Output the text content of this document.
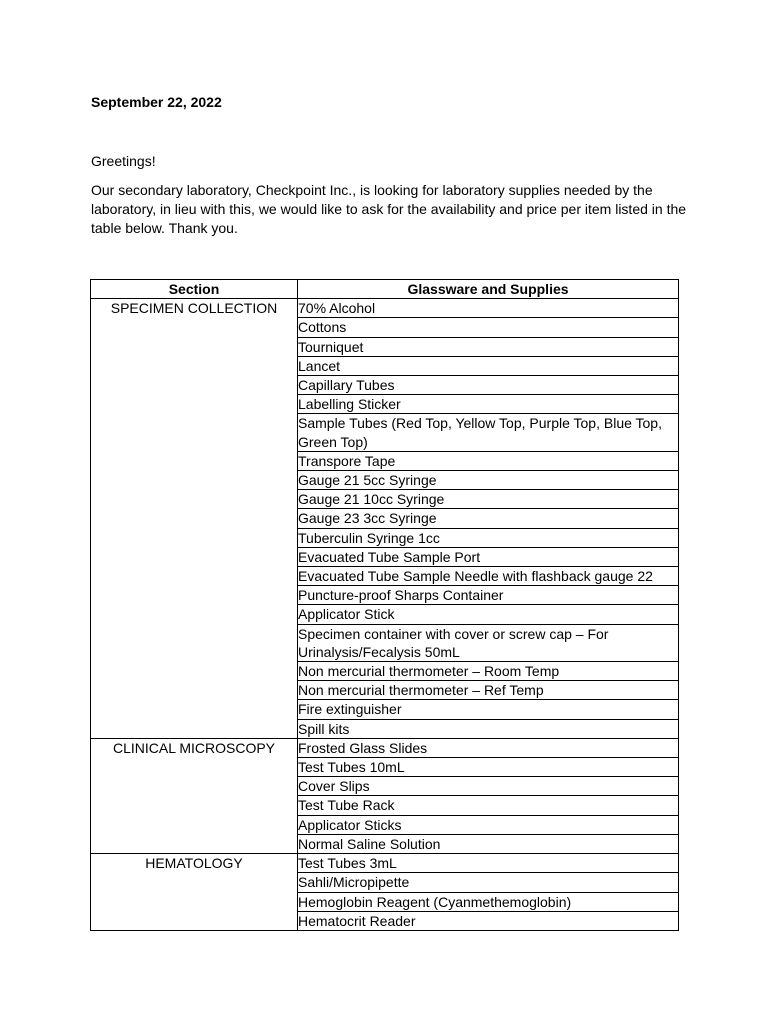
September 22, 2022
Greetings!
Our secondary laboratory, Checkpoint Inc., is looking for laboratory supplies needed by the laboratory, in lieu with this, we would like to ask for the availability and price per item listed in the table below. Thank you.
Section	Glassware and Supplies
SPECIMEN COLLECTION	70% Alcohol
	Cottons
	Tourniquet
	Lancet
	Capillary Tubes
	Labelling Sticker
	Sample Tubes (Red Top, Yellow Top, Purple Top, Blue Top, Green Top)
	Transpore Tape
	Gauge 21 5cc Syringe
	Gauge 21 10cc Syringe
	Gauge 23 3cc Syringe
	Tuberculin Syringe 1cc
	Evacuated Tube Sample Port
	Evacuated Tube Sample Needle with flashback gauge 22
	Puncture-proof Sharps Container
	Applicator Stick
	Specimen container with cover or screw cap – For Urinalysis/Fecalysis 50mL
	Non mercurial thermometer – Room Temp
	Non mercurial thermometer – Ref Temp
	Fire extinguisher
	Spill kits
CLINICAL MICROSCOPY	Frosted Glass Slides
	Test Tubes 10mL
	Cover Slips
	Test Tube Rack
	Applicator Sticks
	Normal Saline Solution
HEMATOLOGY	Test Tubes 3mL
	Sahli/Micropipette
	Hemoglobin Reagent (Cyanmethemoglobin)
	Hematocrit Reader
